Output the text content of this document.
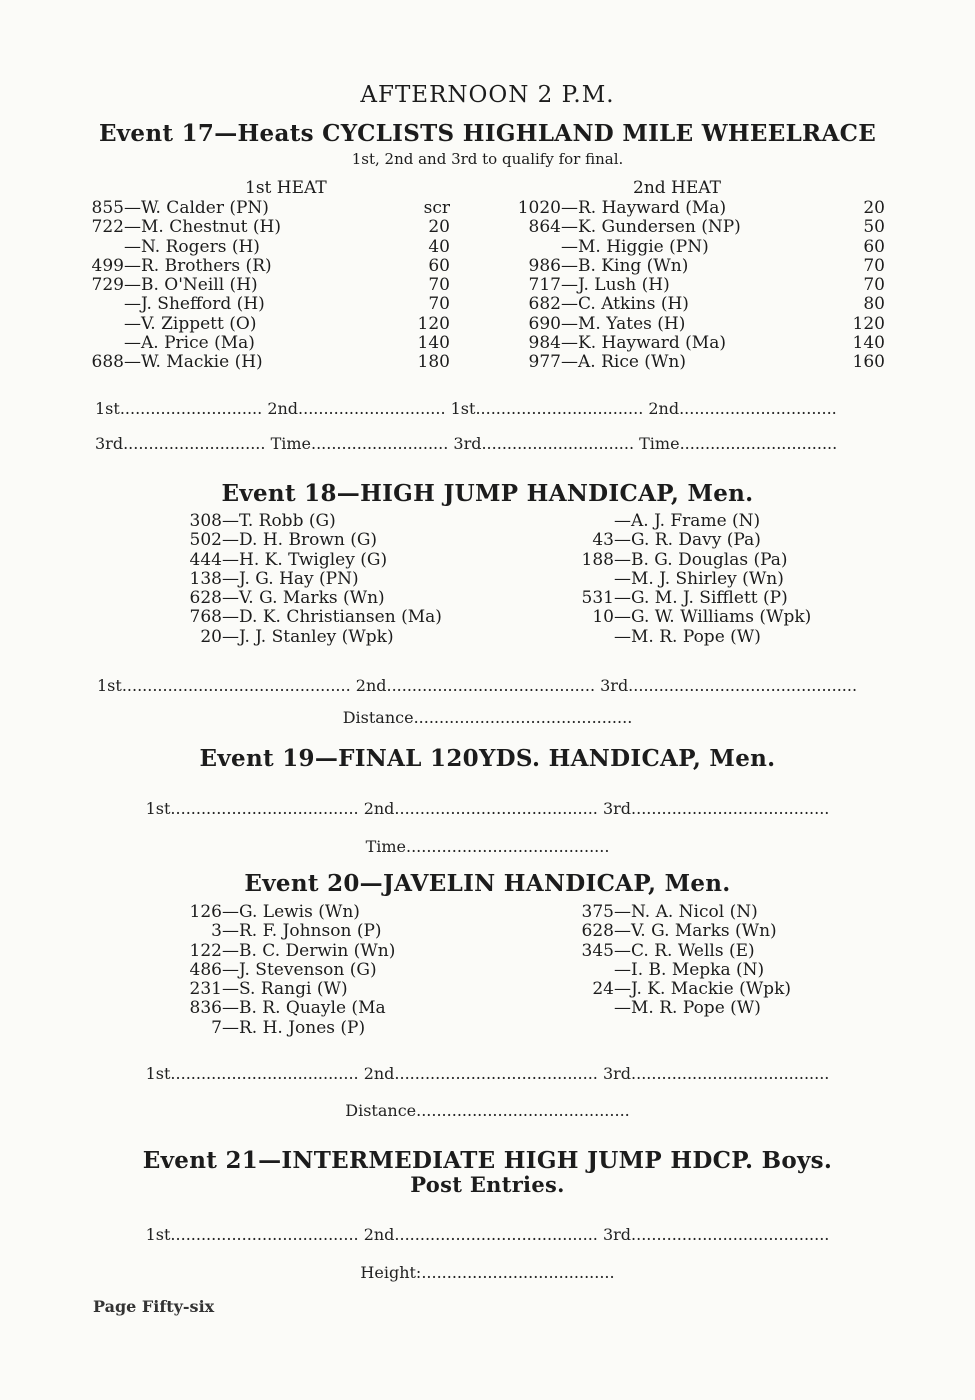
AFTERNOON 2 P.M.
Event 17—Heats CYCLISTS HIGHLAND MILE WHEELRACE
1st, 2nd and 3rd to qualify for final.
1st HEAT	2nd HEAT
855—W. Calder (PN)	scr
722—M. Chestnut (H)	20
—N. Rogers (H)	40
499—R. Brothers (R)	60
729—B. O'Neill (H)	70
—J. Shefford (H)	70
—V. Zippett (O)	120
—A. Price (Ma)	140
688—W. Mackie (H)	180
1020—R. Hayward (Ma)	20
864—K. Gundersen (NP)	50
—M. Higgie (PN)	60
986—B. King (Wn)	70
717—J. Lush (H)	70
682—C. Atkins (H)	80
690—M. Yates (H)	120
984—K. Hayward (Ma)	140
977—A. Rice (Wn)	160
1st............................ 2nd............................. 1st................................. 2nd...............................
3rd............................ Time........................... 3rd.............................. Time...............................
Event 18—HIGH JUMP HANDICAP, Men.
308—T. Robb (G)
502—D. H. Brown (G)
444—H. K. Twigley (G)
138—J. G. Hay (PN)
628—V. G. Marks (Wn)
768—D. K. Christiansen (Ma)
20—J. J. Stanley (Wpk)
—A. J. Frame (N)
43—G. R. Davy (Pa)
188—B. G. Douglas (Pa)
—M. J. Shirley (Wn)
531—G. M. J. Sifflett (P)
10—G. W. Williams (Wpk)
—M. R. Pope (W)
1st............................................. 2nd......................................... 3rd.............................................
Distance...........................................
Event 19—FINAL 120YDS. HANDICAP, Men.
1st..................................... 2nd........................................ 3rd.......................................
Time........................................
Event 20—JAVELIN HANDICAP, Men.
126—G. Lewis (Wn)
3—R. F. Johnson (P)
122—B. C. Derwin (Wn)
486—J. Stevenson (G)
231—S. Rangi (W)
836—B. R. Quayle (Ma
7—R. H. Jones (P)
375—N. A. Nicol (N)
628—V. G. Marks (Wn)
345—C. R. Wells (E)
—I. B. Mepka (N)
24—J. K. Mackie (Wpk)
—M. R. Pope (W)
1st..................................... 2nd........................................ 3rd.......................................
Distance..........................................
Event 21—INTERMEDIATE HIGH JUMP HDCP. Boys.
Post Entries.
1st..................................... 2nd........................................ 3rd.......................................
Height:......................................
Page Fifty-six
